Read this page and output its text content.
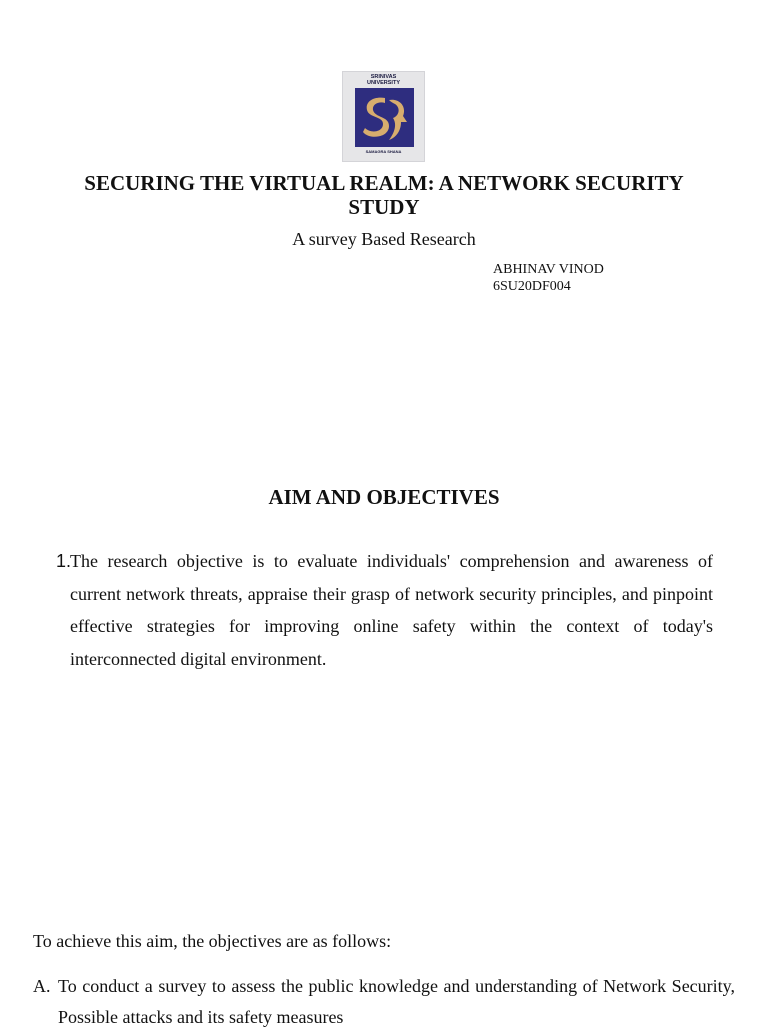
SRINIVAS
UNIVERSITY
SAMAGRA SHANA
SECURING THE VIRTUAL REALM: A NETWORK SECURITY STUDY

A survey Based Research

ABHINAV VINOD
6SU20DF004
AIM AND OBJECTIVES
1.
The research objective is to evaluate individuals' comprehension and awareness of current network threats, appraise their grasp of network security principles, and pinpoint effective strategies for improving online safety within the context of today's interconnected digital environment.

To achieve this aim, the objectives are as follows:

A. To conduct a survey to assess the public knowledge and understanding of Network Security, Possible attacks and its safety measures
